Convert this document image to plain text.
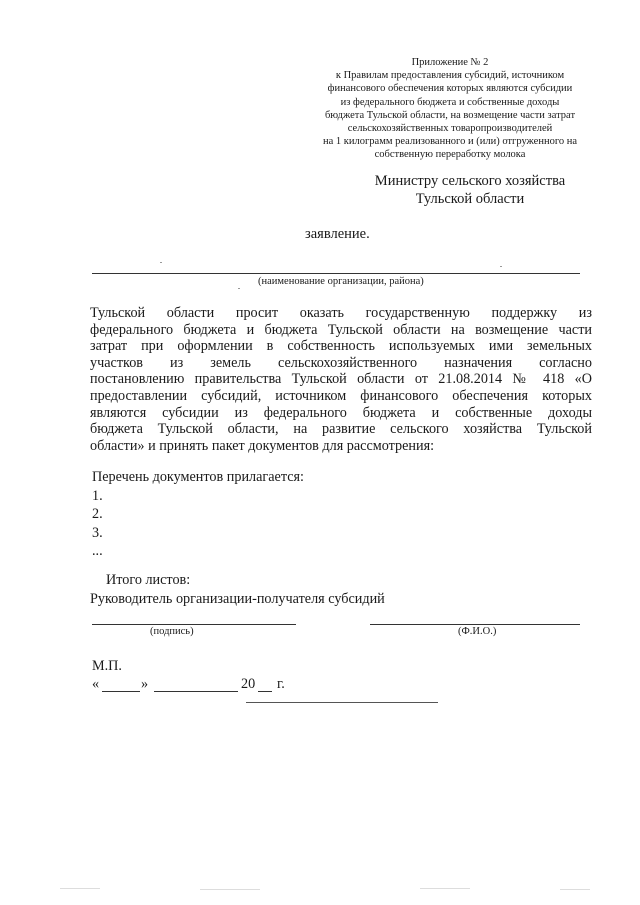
Приложение № 2
к Правилам предоставления субсидий, источником
финансового обеспечения которых являются субсидии
из федерального бюджета и собственные доходы
бюджета Тульской области, на возмещение части затрат
сельскохозяйственных товаропроизводителей
на 1 килограмм реализованного и (или) отгруженного на
собственную переработку молока
Министру сельского хозяйства
Тульской области
заявление.
(наименование организации, района)
Тульской области просит оказать государственную поддержку из
федерального бюджета и бюджета Тульской области на возмещение части
затрат при оформлении в собственность используемых ими земельных
участков из земель сельскохозяйственного назначения согласно
постановлению правительства Тульской области от 21.08.2014 № 418 «О
предоставлении субсидий, источником финансового обеспечения которых
являются субсидии из федерального бюджета и собственные доходы
бюджета Тульской области, на развитие сельского хозяйства Тульской
области» и принять пакет документов для рассмотрения:
Перечень документов прилагается:
1.
2.
3.
...
Итого листов:
Руководитель организации-получателя субсидий
(подпись)	(Ф.И.О.)
М.П.
«	»	20 г.
